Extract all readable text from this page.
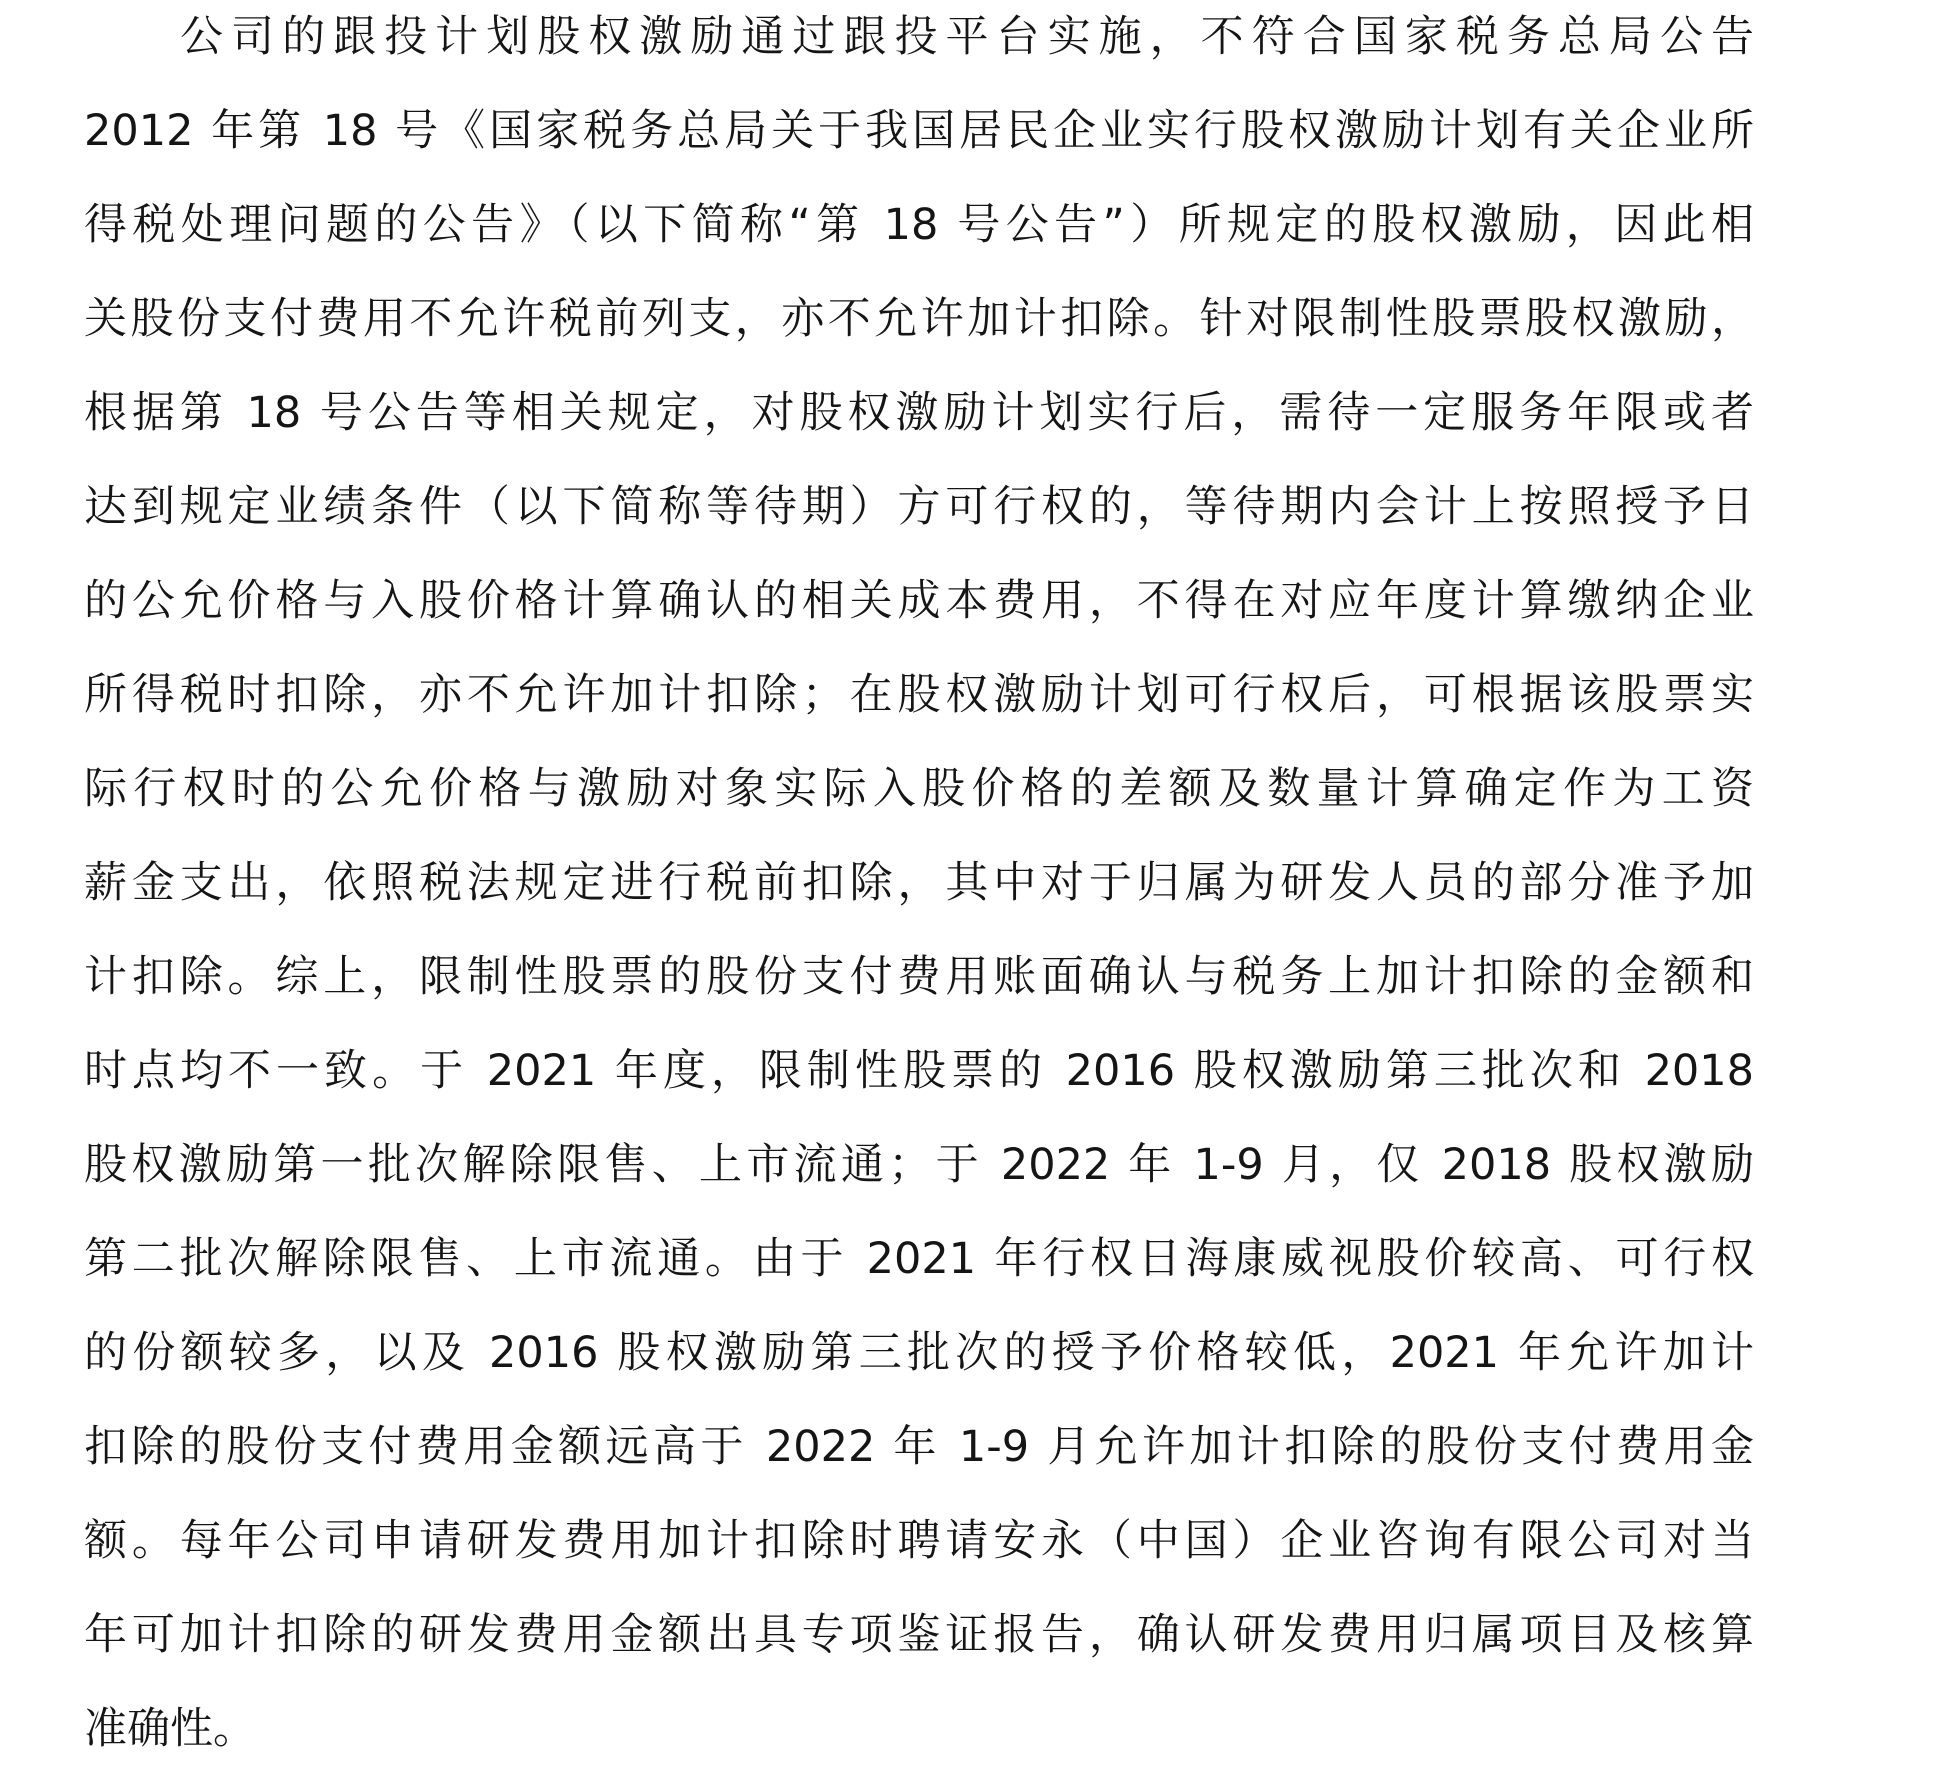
公司的跟投计划股权激励通过跟投平台实施，不符合国家税务总局公告
2012 年第 18 号《国家税务总局关于我国居民企业实行股权激励计划有关企业所
得税处理问题的公告》（以下简称“第 18 号公告”）所规定的股权激励，因此相
关股份支付费用不允许税前列支，亦不允许加计扣除。针对限制性股票股权激励，
根据第 18 号公告等相关规定，对股权激励计划实行后，需待一定服务年限或者
达到规定业绩条件（以下简称等待期）方可行权的，等待期内会计上按照授予日
的公允价格与入股价格计算确认的相关成本费用，不得在对应年度计算缴纳企业
所得税时扣除，亦不允许加计扣除；在股权激励计划可行权后，可根据该股票实
际行权时的公允价格与激励对象实际入股价格的差额及数量计算确定作为工资
薪金支出，依照税法规定进行税前扣除，其中对于归属为研发人员的部分准予加
计扣除。综上，限制性股票的股份支付费用账面确认与税务上加计扣除的金额和
时点均不一致。于 2021 年度，限制性股票的 2016 股权激励第三批次和 2018
股权激励第一批次解除限售、上市流通；于 2022 年 1-9 月，仅 2018 股权激励
第二批次解除限售、上市流通。由于 2021 年行权日海康威视股价较高、可行权
的份额较多，以及 2016 股权激励第三批次的授予价格较低，2021 年允许加计
扣除的股份支付费用金额远高于 2022 年 1-9 月允许加计扣除的股份支付费用金
额。每年公司申请研发费用加计扣除时聘请安永（中国）企业咨询有限公司对当
年可加计扣除的研发费用金额出具专项鉴证报告，确认研发费用归属项目及核算
准确性。
